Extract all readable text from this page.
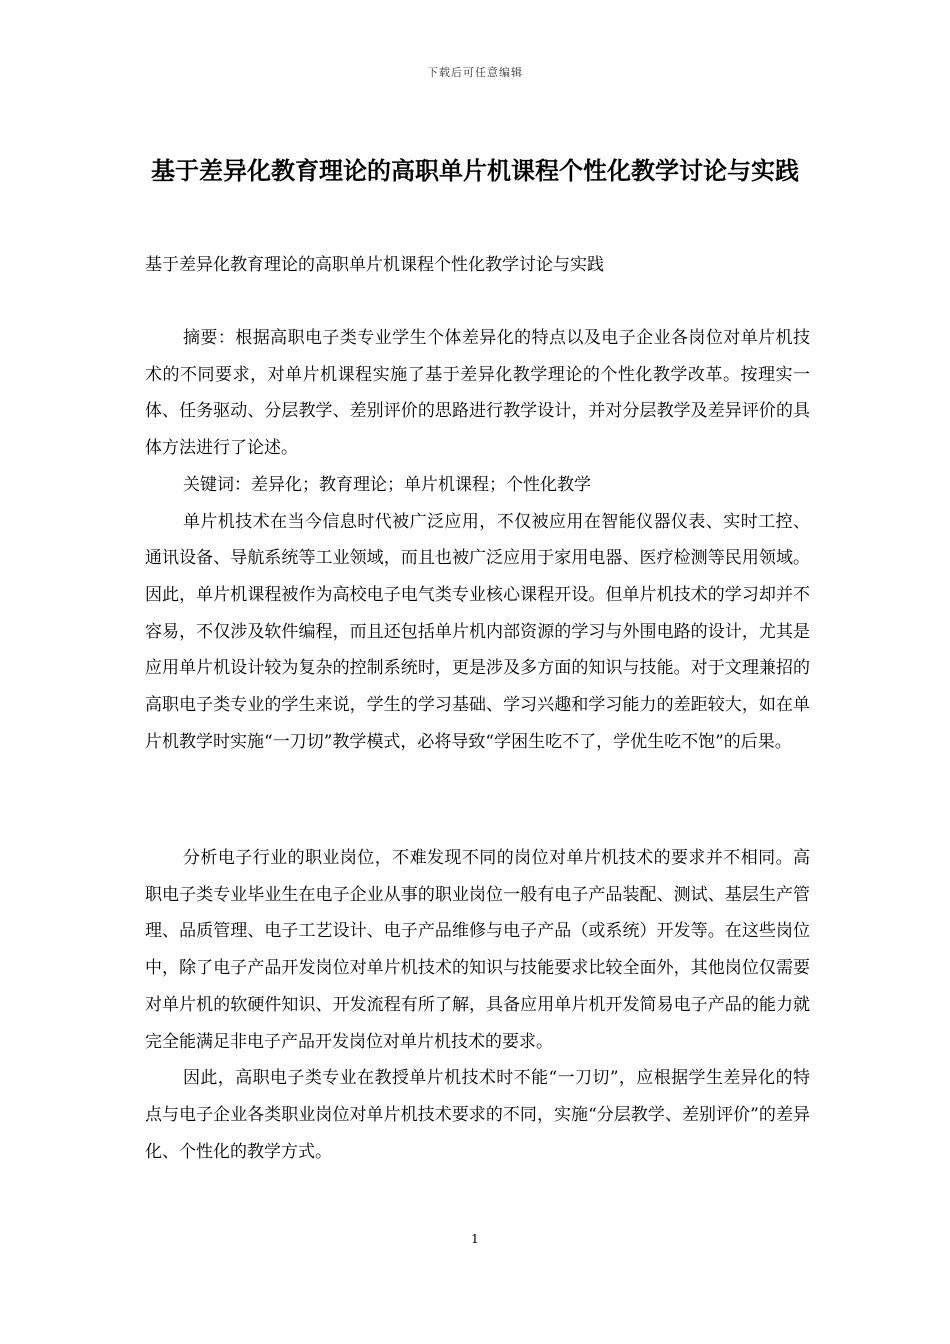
下载后可任意编辑
基于差异化教育理论的高职单片机课程个性化教学讨论与实践
基于差异化教育理论的高职单片机课程个性化教学讨论与实践

摘要：根据高职电子类专业学生个体差异化的特点以及电子企业各岗位对单片机技术的不同要求，对单片机课程实施了基于差异化教学理论的个性化教学改革。按理实一体、任务驱动、分层教学、差别评价的思路进行教学设计，并对分层教学及差异评价的具体方法进行了论述。

关键词：差异化；教育理论；单片机课程；个性化教学

单片机技术在当今信息时代被广泛应用，不仅被应用在智能仪器仪表、实时工控、通讯设备、导航系统等工业领域，而且也被广泛应用于家用电器、医疗检测等民用领域。因此，单片机课程被作为高校电子电气类专业核心课程开设。但单片机技术的学习却并不容易，不仅涉及软件编程，而且还包括单片机内部资源的学习与外围电路的设计，尤其是应用单片机设计较为复杂的控制系统时，更是涉及多方面的知识与技能。对于文理兼招的高职电子类专业的学生来说，学生的学习基础、学习兴趣和学习能力的差距较大，如在单片机教学时实施“一刀切”教学模式，必将导致“学困生吃不了，学优生吃不饱”的后果。

分析电子行业的职业岗位，不难发现不同的岗位对单片机技术的要求并不相同。高职电子类专业毕业生在电子企业从事的职业岗位一般有电子产品装配、测试、基层生产管理、品质管理、电子工艺设计、电子产品维修与电子产品（或系统）开发等。在这些岗位中，除了电子产品开发岗位对单片机技术的知识与技能要求比较全面外，其他岗位仅需要对单片机的软硬件知识、开发流程有所了解，具备应用单片机开发简易电子产品的能力就完全能满足非电子产品开发岗位对单片机技术的要求。

因此，高职电子类专业在教授单片机技术时不能“一刀切”，应根据学生差异化的特点与电子企业各类职业岗位对单片机技术要求的不同，实施“分层教学、差别评价”的差异化、个性化的教学方式。

1
